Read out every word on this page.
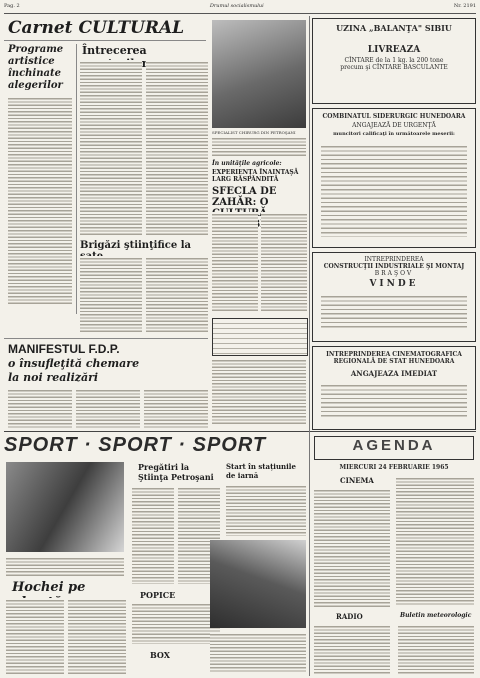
Pag. 2	Drumul socialismului	Nr. 2191
Carnet CULTURAL
Programe artistice închinate alegerilor
Întrecerea
Brigăzi ştiinţifice la
SPECIALIST CHIRURG DIN PETROŞANI
În unităţile agricole:
EXPERIENŢA ÎNAINTAŞĂ LARG RĂSPÂNDITĂ
SFECLA DE ZAHĂR: O
MANIFESTUL F.D.P.
o însufleţită chemare
la noi realizări
UZINA „BALANŢA" SIBIU
LIVREAZA
CÎNTARE de la 1 kg. la 200 tone
precum şi CÎNTARE BASCULANTE
COMBINATUL SIDERURGIC HUNEDOARA
ANGAJEAZĂ DE URGENŢĂ
muncitori calificaţi în următoarele meserii:
INTREPRINDEREA
CONSTRUCŢII INDUSTRIALE ŞI MONTAJ
BRAŞOV
VINDE
INTREPRINDEREA CINEMATOGRAFICA
REGIONALĂ DE STAT HUNEDOARA
ANGAJEAZA IMEDIAT
SPORT · SPORT · SPORT
Hochei pe
Pregătiri la Ştiinţa Petroşani
POPICE
BOX
Start în stațiunile de iarnă
AGENDA
MIERCURI 24 FEBRUARIE 1965
CINEMA
RADIO	Buletin meteorologic
